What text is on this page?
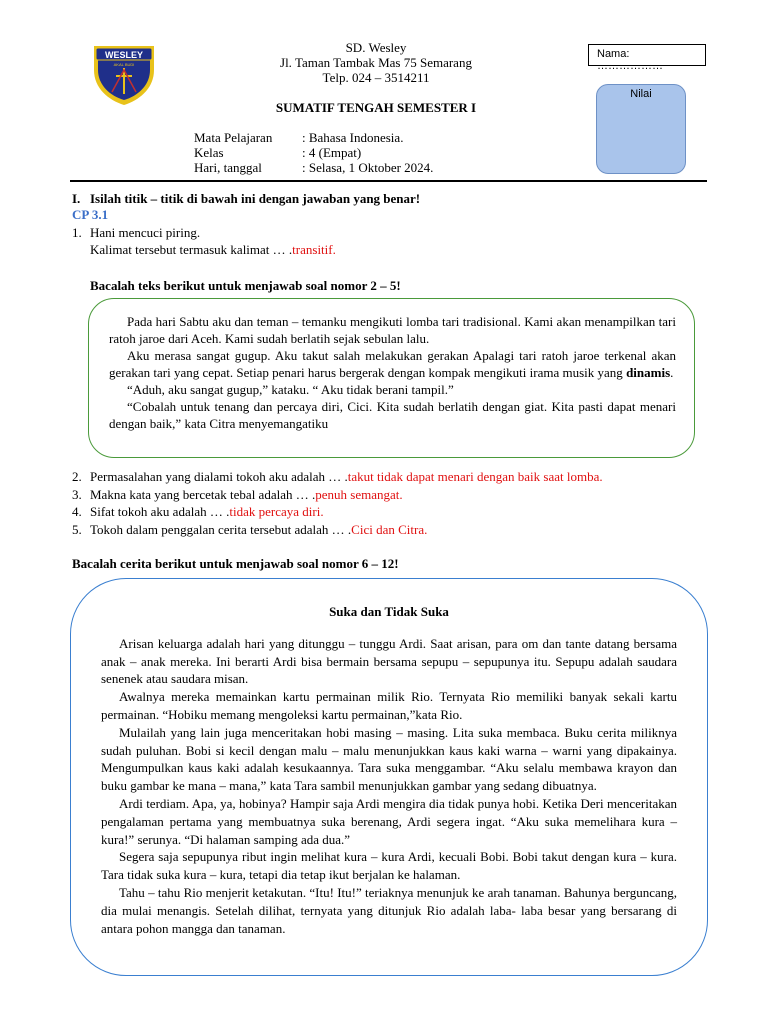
WESLEY
AKAL BUDI
SD. Wesley
Jl. Taman Tambak Mas 75 Semarang
Telp. 024 – 3514211
Nama: ………………
Nilai
SUMATIF TENGAH SEMESTER I
Mata Pelajaran	: Bahasa Indonesia.
Kelas	: 4 (Empat)
Hari, tanggal	: Selasa, 1 Oktober 2024.
I. Isilah titik – titik di bawah ini dengan jawaban yang benar!
CP 3.1
1. Hani mencuci piring.
Kalimat tersebut termasuk kalimat … .transitif.
Bacalah teks berikut untuk menjawab soal nomor 2 – 5!

Pada hari Sabtu aku dan teman – temanku mengikuti lomba tari tradisional. Kami akan menampilkan tari ratoh jaroe dari Aceh. Kami sudah berlatih sejak sebulan lalu.

Aku merasa sangat gugup. Aku takut salah melakukan gerakan Apalagi tari ratoh jaroe terkenal akan gerakan tari yang cepat. Setiap penari harus bergerak dengan kompak mengikuti irama musik yang dinamis.

“Aduh, aku sangat gugup,” kataku. “ Aku tidak berani tampil.”

“Cobalah untuk tenang dan percaya diri, Cici. Kita sudah berlatih dengan giat. Kita pasti dapat menari dengan baik,” kata Citra menyemangatiku

2. Permasalahan yang dialami tokoh aku adalah … .takut tidak dapat menari dengan baik saat lomba.
3. Makna kata yang bercetak tebal adalah … .penuh semangat.
4. Sifat tokoh aku adalah … .tidak percaya diri.
5. Tokoh dalam penggalan cerita tersebut adalah … .Cici dan Citra.
Bacalah cerita berikut untuk menjawab soal nomor 6 – 12!
Suka dan Tidak Suka

Arisan keluarga adalah hari yang ditunggu – tunggu Ardi. Saat arisan, para om dan tante datang bersama anak – anak mereka. Ini berarti Ardi bisa bermain bersama sepupu – sepupunya itu. Sepupu adalah saudara senenek atau saudara misan.

Awalnya mereka memainkan kartu permainan milik Rio. Ternyata Rio memiliki banyak sekali kartu permainan. “Hobiku memang mengoleksi kartu permainan,”kata Rio.

Mulailah yang lain juga menceritakan hobi masing – masing. Lita suka membaca. Buku cerita miliknya sudah puluhan. Bobi si kecil dengan malu – malu menunjukkan kaus kaki warna – warni yang dipakainya. Mengumpulkan kaus kaki adalah kesukaannya. Tara suka menggambar. “Aku selalu membawa krayon dan buku gambar ke mana – mana,” kata Tara sambil menunjukkan gambar yang sedang dibuatnya.

Ardi terdiam. Apa, ya, hobinya? Hampir saja Ardi mengira dia tidak punya hobi. Ketika Deri menceritakan pengalaman pertama yang membuatnya suka berenang, Ardi segera ingat. “Aku suka memelihara kura – kura!” serunya. “Di halaman samping ada dua.”

Segera saja sepupunya ribut ingin melihat kura – kura Ardi, kecuali Bobi. Bobi takut dengan kura – kura. Tara tidak suka kura – kura, tetapi dia tetap ikut berjalan ke halaman.

Tahu – tahu Rio menjerit ketakutan. “Itu! Itu!” teriaknya menunjuk ke arah tanaman. Bahunya berguncang, dia mulai menangis. Setelah dilihat, ternyata yang ditunjuk Rio adalah laba- laba besar yang bersarang di antara pohon mangga dan tanaman.
